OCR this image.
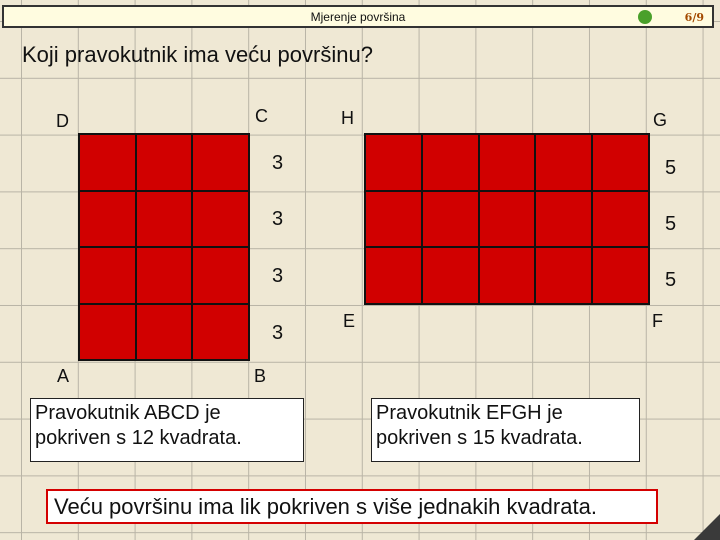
Mjerenje površina	6/9
Koji pravokutnik ima veću površinu?
D	C
A	B
3
3
3
3
H	G
E	F
5
5
5
Pravokutnik ABCD je pokriven s 12 kvadrata.
Pravokutnik EFGH je pokriven s 15 kvadrata.
Veću površinu ima lik pokriven s više jednakih kvadrata.
